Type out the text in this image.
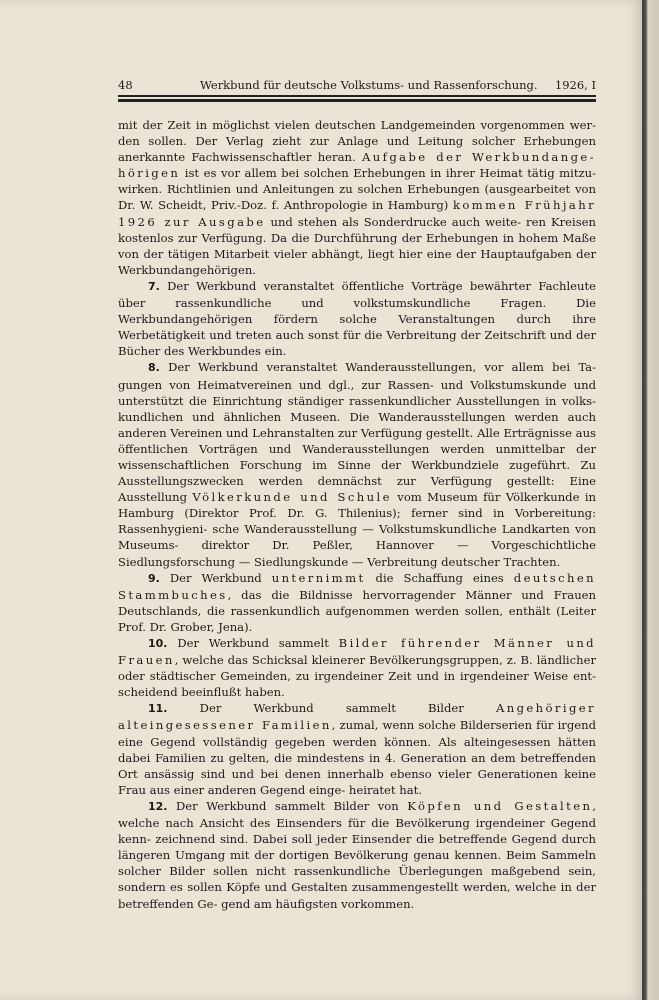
48	Werkbund für deutsche Volkstums- und Rassenforschung. 1926, I

mit der Zeit in möglichst vielen deutschen Landgemeinden vorgenommen wer- den sollen. Der Verlag zieht zur Anlage und Leitung solcher Erhebungen anerkannte Fachwissenschaftler heran. Aufgabe der Werkbundange- hörigen ist es vor allem bei solchen Erhebungen in ihrer Heimat tätig mitzu- wirken. Richtlinien und Anleitungen zu solchen Erhebungen (ausgearbeitet von Dr. W. Scheidt, Priv.-Doz. f. Anthropologie in Hamburg) kommen Frühjahr 1926 zur Ausgabe und stehen als Sonderdrucke auch weite- ren Kreisen kostenlos zur Verfügung. Da die Durchführung der Erhebungen in hohem Maße von der tätigen Mitarbeit vieler abhängt, liegt hier eine der Hauptaufgaben der Werkbundangehörigen.

7. Der Werkbund veranstaltet öffentliche Vorträge bewährter Fachleute über rassenkundliche und volkstumskundliche Fragen. Die Werkbundangehörigen fördern solche Veranstaltungen durch ihre Werbetätigkeit und treten auch sonst für die Verbreitung der Zeitschrift und der Bücher des Werkbundes ein.

8. Der Werkbund veranstaltet Wanderausstellungen, vor allem bei Ta- gungen von Heimatvereinen und dgl., zur Rassen- und Volkstumskunde und unterstützt die Einrichtung ständiger rassenkundlicher Ausstellungen in volks- kundlichen und ähnlichen Museen. Die Wanderausstellungen werden auch anderen Vereinen und Lehranstalten zur Verfügung gestellt. Alle Erträgnisse aus öffentlichen Vorträgen und Wanderausstellungen werden unmittelbar der wissenschaftlichen Forschung im Sinne der Werkbundziele zugeführt. Zu Ausstellungszwecken werden demnächst zur Verfügung gestellt: Eine Ausstellung Völkerkunde und Schule vom Museum für Völkerkunde in Hamburg (Direktor Prof. Dr. G. Thilenius); ferner sind in Vorbereitung: Rassenhygieni- sche Wanderausstellung — Volkstumskundliche Landkarten von Museums- direktor Dr. Peßler, Hannover — Vorgeschichtliche Siedlungsforschung — Siedlungskunde — Verbreitung deutscher Trachten.

9. Der Werkbund unternimmt die Schaffung eines deutschen Stammbuches, das die Bildnisse hervorragender Männer und Frauen Deutschlands, die rassenkundlich aufgenommen werden sollen, enthält (Leiter Prof. Dr. Grober, Jena).

10. Der Werkbund sammelt Bilder führender Männer und Frauen, welche das Schicksal kleinerer Bevölkerungsgruppen, z. B. ländlicher oder städtischer Gemeinden, zu irgendeiner Zeit und in irgendeiner Weise ent- scheidend beeinflußt haben.

11.	Der Werkbund sammelt Bilder Angehöriger alteingesessener Familien, zumal, wenn solche Bilderserien für irgend eine Gegend vollständig gegeben werden können. Als alteingesessen hätten dabei Familien zu gelten, die mindestens in 4. Generation an dem betreffenden Ort ansässig sind und bei denen innerhalb ebenso vieler Generationen keine Frau aus einer anderen Gegend einge- heiratet hat.

12. Der Werkbund sammelt Bilder von Köpfen und Gestalten, welche nach Ansicht des Einsenders für die Bevölkerung irgendeiner Gegend kenn- zeichnend sind. Dabei soll jeder Einsender die betreffende Gegend durch längeren Umgang mit der dortigen Bevölkerung genau kennen. Beim Sammeln solcher Bilder sollen nicht rassenkundliche Überlegungen maßgebend sein, sondern es sollen Köpfe und Gestalten zusammengestellt werden, welche in der betreffenden Ge- gend am häufigsten vorkommen.
